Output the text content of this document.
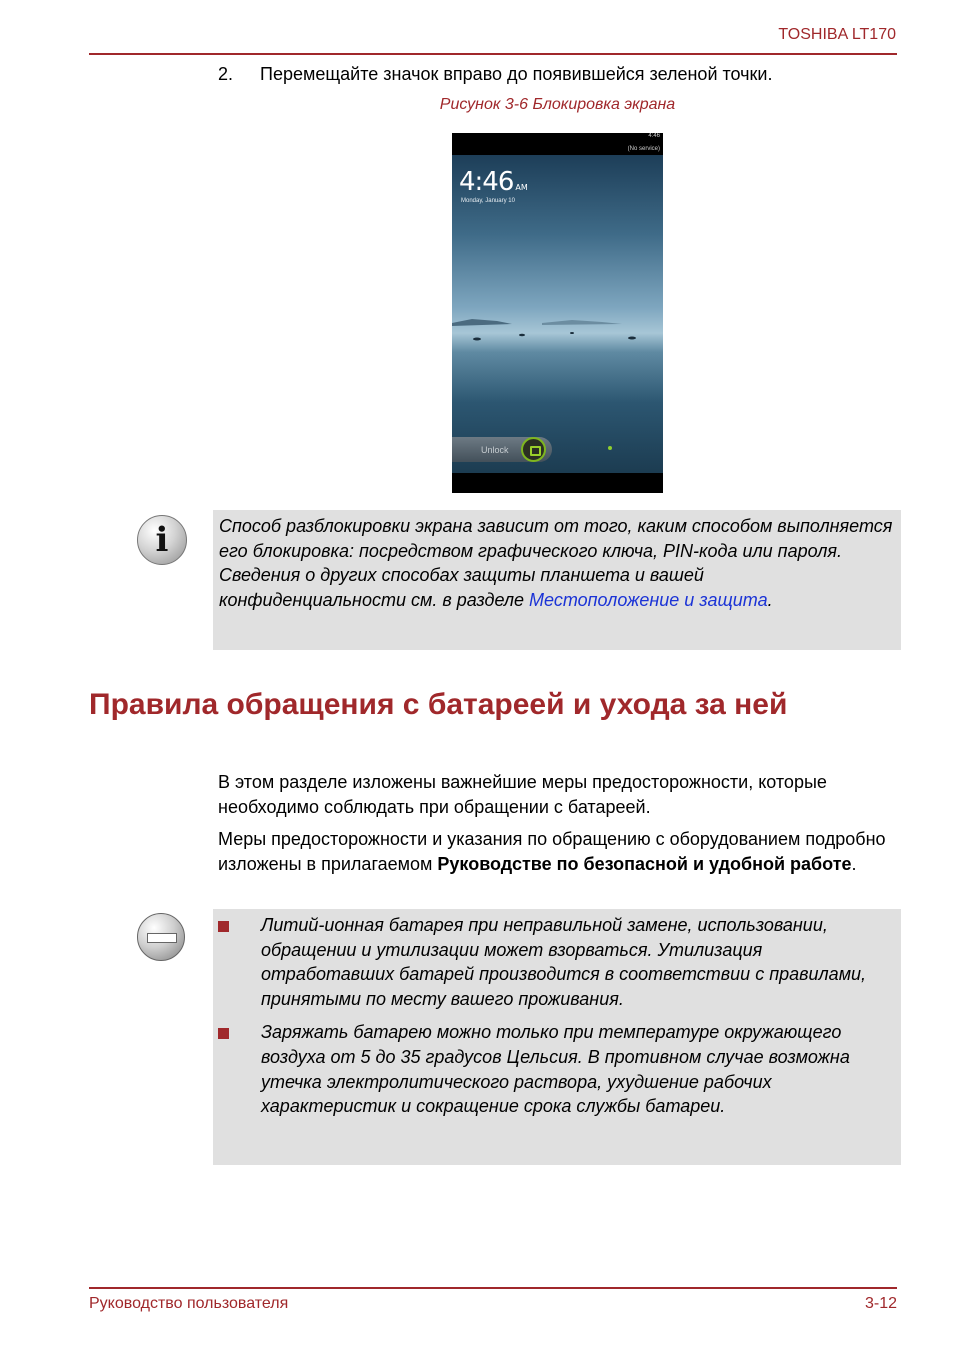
TOSHIBA LT170
2. Перемещайте значок вправо до появившейся зеленой точки.
Рисунок 3-6 Блокировка экрана
4:46
(No service)
4:46 AM
Monday, January 10
Unlock
i	Способ разблокировки экрана зависит от того, каким способом выполняется его блокировка: посредством графического ключа, PIN-кода или пароля. Сведения о других способах защиты планшета и вашей конфиденциальности см. в разделе Местоположение и защита.
Правила обращения с батареей и ухода за ней
В этом разделе изложены важнейшие меры предосторожности, которые необходимо соблюдать при обращении с батареей.
Меры предосторожности и указания по обращению с оборудованием подробно изложены в прилагаемом Руководстве по безопасной и удобной работе.
Литий-ионная батарея при неправильной замене, использовании, обращении и утилизации может взорваться. Утилизация отработавших батарей производится в соответствии с правилами, принятыми по месту вашего проживания.
Заряжать батарею можно только при температуре окружающего воздуха от 5 до 35 градусов Цельсия. В противном случае возможна утечка электролитического раствора, ухудшение рабочих характеристик и сокращение срока службы батареи.
Руководство пользователя	3-12
